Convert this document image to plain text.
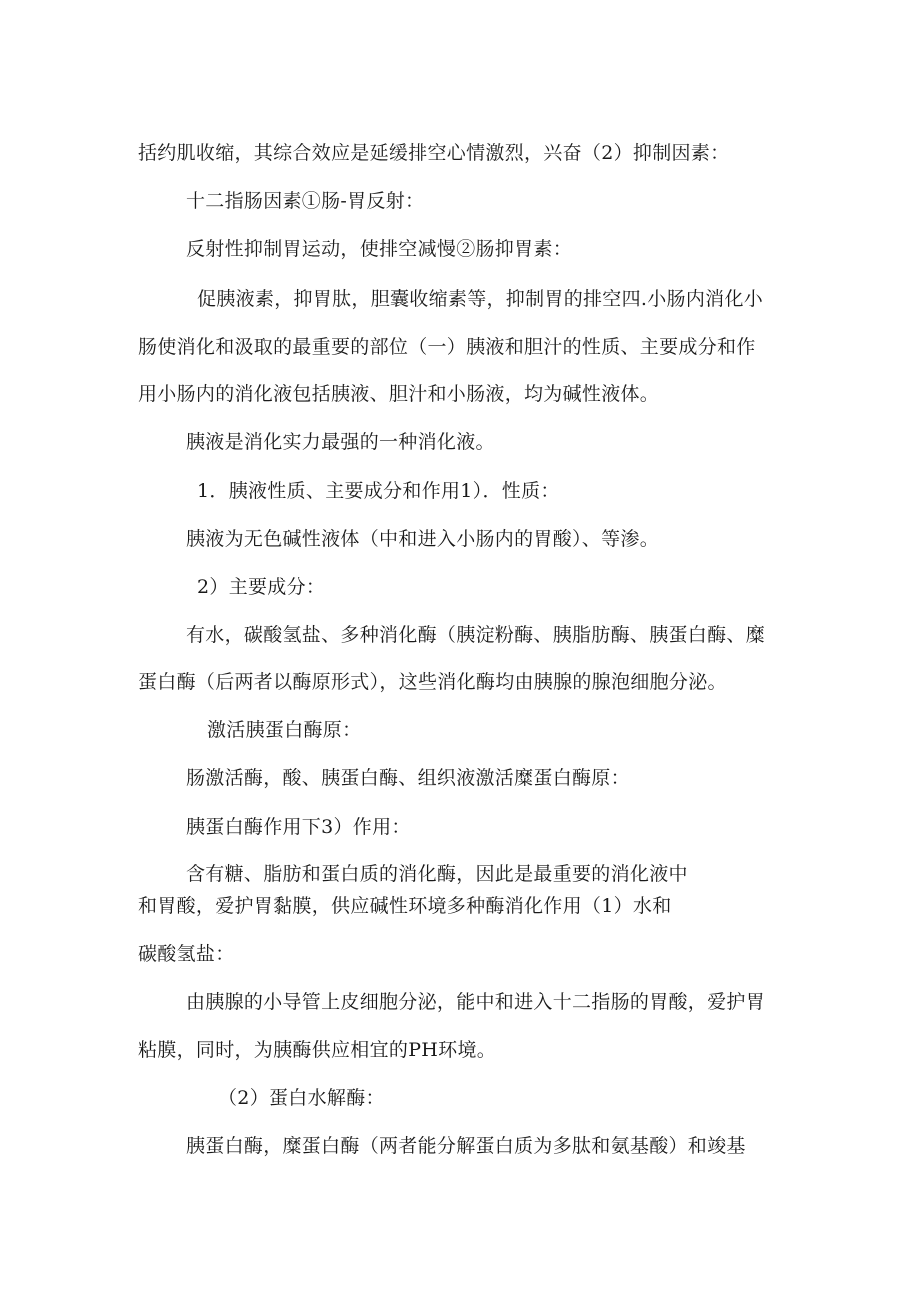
括约肌收缩，其综合效应是延缓排空心情激烈，兴奋（2）抑制因素：
十二指肠因素①肠-胃反射：
反射性抑制胃运动，使排空减慢②肠抑胃素：
促胰液素，抑胃肽，胆囊收缩素等，抑制胃的排空四.小肠内消化小
肠使消化和汲取的最重要的部位（一）胰液和胆汁的性质、主要成分和作
用小肠内的消化液包括胰液、胆汁和小肠液，均为碱性液体。
胰液是消化实力最强的一种消化液。
1．胰液性质、主要成分和作用1）．性质：
胰液为无色碱性液体（中和进入小肠内的胃酸）、等渗。
2）主要成分：
有水，碳酸氢盐、多种消化酶（胰淀粉酶、胰脂肪酶、胰蛋白酶、糜
蛋白酶（后两者以酶原形式），这些消化酶均由胰腺的腺泡细胞分泌。
激活胰蛋白酶原：
肠激活酶，酸、胰蛋白酶、组织液激活糜蛋白酶原：
胰蛋白酶作用下3）作用：
含有糖、脂肪和蛋白质的消化酶，因此是最重要的消化液中
和胃酸，爱护胃黏膜，供应碱性环境多种酶消化作用（1）水和
碳酸氢盐：
由胰腺的小导管上皮细胞分泌，能中和进入十二指肠的胃酸，爱护胃
粘膜，同时，为胰酶供应相宜的PH环境。
（2）蛋白水解酶：
胰蛋白酶，糜蛋白酶（两者能分解蛋白质为多肽和氨基酸）和竣基
